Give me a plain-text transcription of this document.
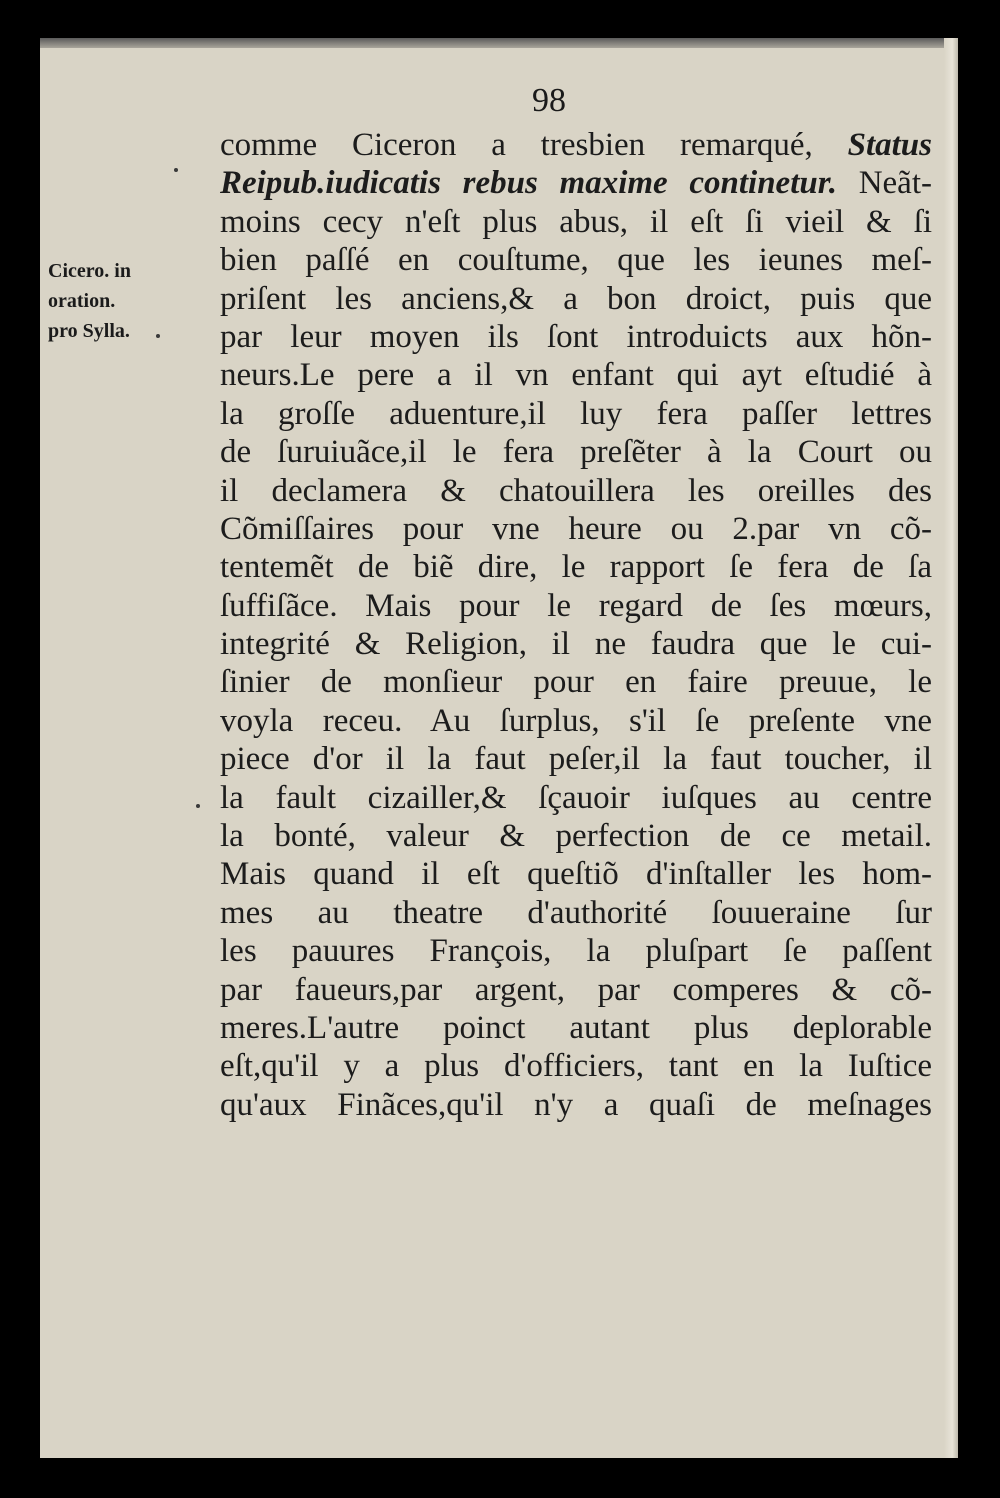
98
Cicero. in
oration.
pro Sylla.
comme Ciceron a tresbien remarqué, Status
Reipub.iudicatis rebus maxime continetur. Neãt-
moins cecy n'eſt plus abus, il eſt ſi vieil & ſi
bien paſſé en couſtume, que les ieunes meſ-
priſent les anciens,& a bon droict, puis que
par leur moyen ils ſont introduicts aux hõn-
neurs.Le pere a il vn enfant qui ayt eſtudié à
la groſſe aduenture,il luy fera paſſer lettres
de ſuruiuãce,il le fera preſẽter à la Court ou
il declamera & chatouillera les oreilles des
Cõmiſſaires pour vne heure ou 2.par vn cõ-
tentemẽt de biẽ dire, le rapport ſe fera de ſa
ſuffiſãce. Mais pour le regard de ſes mœurs,
integrité & Religion, il ne faudra que le cui-
ſinier de monſieur pour en faire preuue, le
voyla receu. Au ſurplus, s'il ſe preſente vne
piece d'or il la faut peſer,il la faut toucher, il
la fault cizailler,& ſçauoir iuſques au centre
la bonté, valeur & perfection de ce metail.
Mais quand il eſt queſtiõ d'inſtaller les hom-
mes au theatre d'authorité ſouueraine ſur
les pauures François, la pluſpart ſe paſſent
par faueurs,par argent, par comperes & cõ-
meres.L'autre poinct autant plus deplorable
eſt,qu'il y a plus d'officiers, tant en la Iuſtice
qu'aux Finãces,qu'il n'y a quaſi de meſnages
